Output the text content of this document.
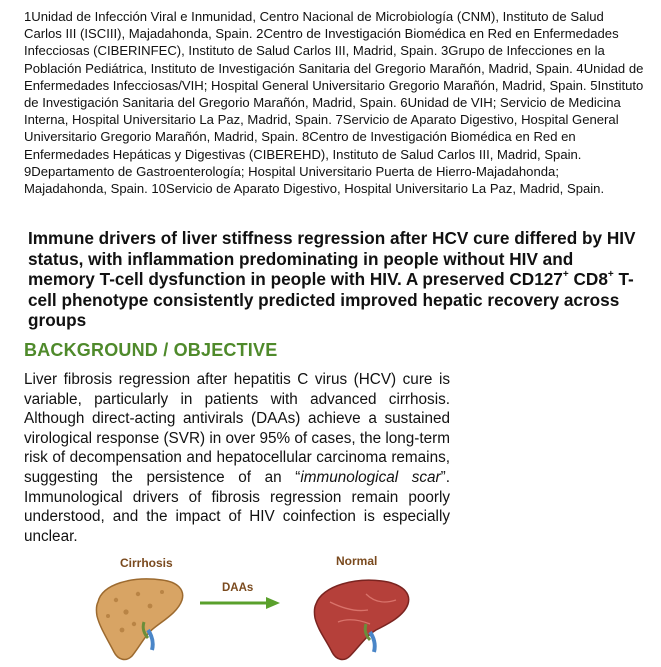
1Unidad de Infección Viral e Inmunidad, Centro Nacional de Microbiología (CNM), Instituto de Salud Carlos III (ISCIII), Majadahonda, Spain. 2Centro de Investigación Biomédica en Red en Enfermedades Infecciosas (CIBERINFEC), Instituto de Salud Carlos III, Madrid, Spain. 3Grupo de Infecciones en la Población Pediátrica, Instituto de Investigación Sanitaria del Gregorio Marañón, Madrid, Spain. 4Unidad de Enfermedades Infecciosas/VIH; Hospital General Universitario Gregorio Marañón, Madrid, Spain. 5Instituto de Investigación Sanitaria del Gregorio Marañón, Madrid, Spain. 6Unidad de VIH; Servicio de Medicina Interna, Hospital Universitario La Paz, Madrid, Spain. 7Servicio de Aparato Digestivo, Hospital General Universitario Gregorio Marañón, Madrid, Spain. 8Centro de Investigación Biomédica en Red en Enfermedades Hepáticas y Digestivas (CIBEREHD), Instituto de Salud Carlos III, Madrid, Spain. 9Departamento de Gastroenterología; Hospital Universitario Puerta de Hierro-Majadahonda; Majadahonda, Spain. 10Servicio de Aparato Digestivo, Hospital Universitario La Paz, Madrid, Spain.

Immune drivers of liver stiffness regression after HCV cure differed by HIV status, with inflammation predominating in people without HIV and memory T-cell dysfunction in people with HIV. A preserved CD127+ CD8+ T-cell phenotype consistently predicted improved hepatic recovery across groups

BACKGROUND / OBJECTIVE

Liver fibrosis regression after hepatitis C virus (HCV) cure is variable, particularly in patients with advanced cirrhosis. Although direct-acting antivirals (DAAs) achieve a sustained virological response (SVR) in over 95% of cases, the long-term risk of decompensation and hepatocellular carcinoma remains, suggesting the persistence of an “immunological scar”. Immunological drivers of fibrosis regression remain poorly understood, and the impact of HIV coinfection is especially unclear.

Cirrhosis	Normal
DAAs
